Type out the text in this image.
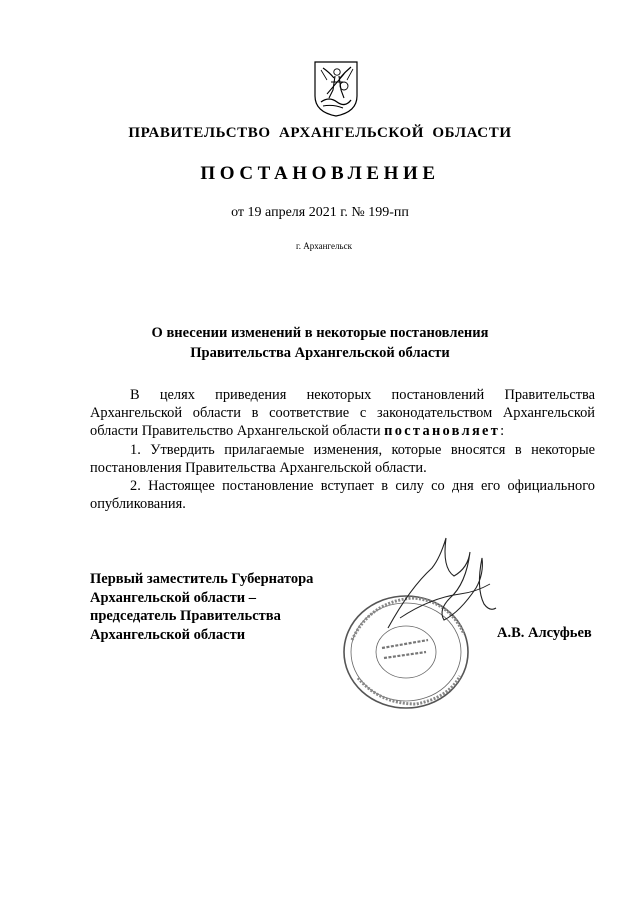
ПРАВИТЕЛЬСТВО АРХАНГЕЛЬСКОЙ ОБЛАСТИ
ПОСТАНОВЛЕНИЕ
от 19 апреля 2021 г. № 199-пп
г. Архангельск
О внесении изменений в некоторые постановления
Правительства Архангельской области

В целях приведения некоторых постановлений Правительства Архангельской области в соответствие с законодательством Архангельской области Правительство Архангельской области постановляет:

1. Утвердить прилагаемые изменения, которые вносятся в некоторые постановления Правительства Архангельской области.

2. Настоящее постановление вступает в силу со дня его официального опубликования.

Первый заместитель Губернатора
Архангельской области –
председатель Правительства
Архангельской области	А.В. Алсуфьев
